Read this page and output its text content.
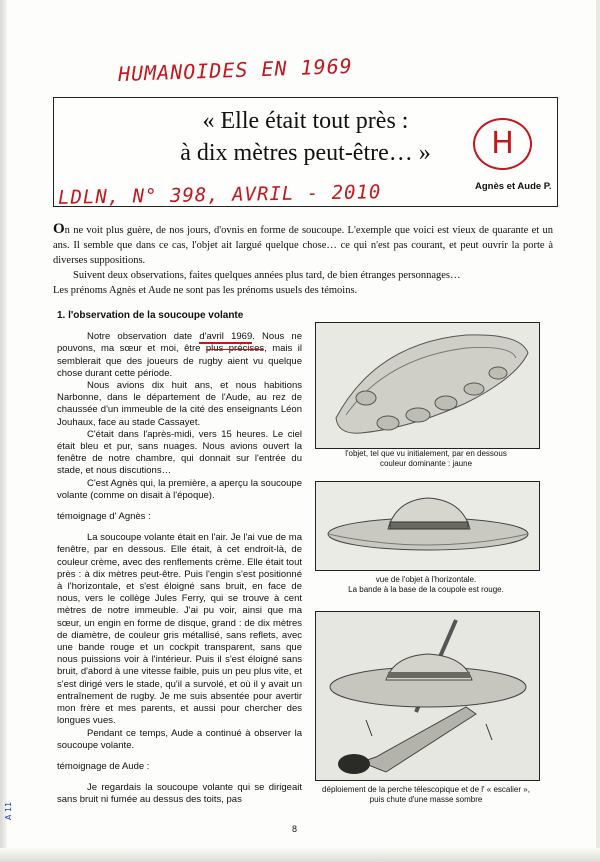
A 11
HUMANOIDES EN 1969
« Elle était tout près :
à dix mètres peut-être… »	H
LDLN, N° 398, AVRIL - 2010	Agnès et Aude P.

On ne voit plus guère, de nos jours, d'ovnis en forme de soucoupe. L'exemple que voici est vieux de quarante et un ans. Il semble que dans ce cas, l'objet ait largué quelque chose… ce qui n'est pas courant, et peut ouvrir la porte à diverses suppositions.

Suivent deux observations, faites quelques années plus tard, de bien étranges personnages…

Les prénoms Agnès et Aude ne sont pas les prénoms usuels des témoins.

1. l'observation de la soucoupe volante

Notre observation date d'avril 1969. Nous ne pouvons, ma sœur et moi, être plus précises, mais il semblerait que des joueurs de rugby aient vu quelque chose durant cette période.

Nous avions dix huit ans, et nous habitions Narbonne, dans le département de l'Aude, au rez de chaussée d'un immeuble de la cité des enseignants Léon Jouhaux, face au stade Cassayet.

C'était dans l'après-midi, vers 15 heures. Le ciel était bleu et pur, sans nuages. Nous avions ouvert la fenêtre de notre chambre, qui donnait sur l'entrée du stade, et nous discutions…

C'est Agnès qui, la première, a aperçu la soucoupe volante (comme on disait à l'époque).

témoignage d' Agnès :

La soucoupe volante était en l'air. Je l'ai vue de ma fenêtre, par en dessous. Elle était, à cet endroit-là, de couleur crème, avec des renflements crème. Elle était tout près : à dix mètres peut-être. Puis l'engin s'est positionné à l'horizontale, et s'est éloigné sans bruit, en face de nous, vers le collège Jules Ferry, qui se trouve à cent mètres de notre immeuble. J'ai pu voir, ainsi que ma sœur, un engin en forme de disque, grand : de dix mètres de diamètre, de couleur gris métallisé, sans reflets, avec une bande rouge et un cockpit transparent, sans que nous puissions voir à l'intérieur. Puis il s'est éloigné sans bruit, d'abord à une vitesse faible, puis un peu plus vite, et s'est dirigé vers le stade, qu'il a survolé, et où il y avait un entraînement de rugby. Je me suis absentée pour avertir mon frère et mes parents, et aussi pour chercher des longues vues.

Pendant ce temps, Aude a continué à observer la soucoupe volante.

témoignage de Aude :

Je regardais la soucoupe volante qui se dirigeait sans bruit ni fumée au dessus des toits, pas

l'objet, tel que vu initialement, par en dessous
couleur dominante : jaune
vue de l'objet à l'horizontale.
La bande à la base de la coupole est rouge.
déploiement de la perche télescopique et de l' « escalier »,
puis chute d'une masse sombre
8
